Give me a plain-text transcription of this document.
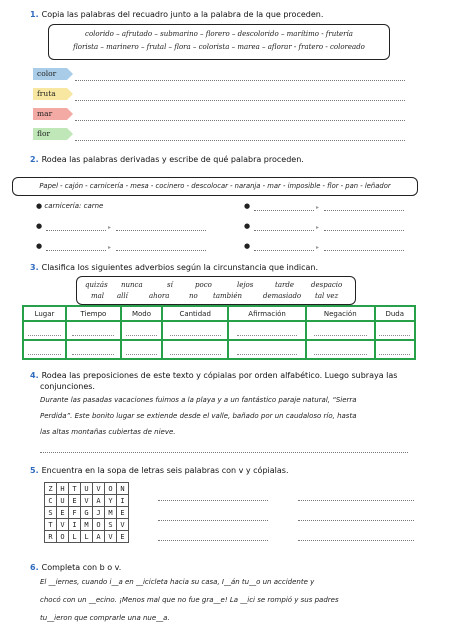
1. Copia las palabras del recuadro junto a la palabra de la que proceden.
colorido – afrutado – submarino – florero – descolorido – marítimo - frutería
florista – marinero – frutal – flora – colorista – marea – aflorar - fratero - coloreado
color
fruta
mar
flor
2. Rodea las palabras derivadas y escribe de qué palabra proceden.
Papel - cajón - carnicería - mesa - cocinero - descolocar - naranja - mar - imposible - flor - pan - leñador
● carnicería: carne	●	▸
●	▸	●	▸
●	▸	●	▸
3. Clasifica los siguientes adverbios según la circunstancia que indican.
quizás nunca	sí	poco	lejos	tarde despacio
mal allí	ahora	no también	demasiado tal vez
Lugar	Tiempo	Modo	Cantidad	Afirmación	Negación	Duda

4. Rodea las preposiciones de este texto y cópialas por orden alfabético. Luego subraya las
conjunciones.
Durante las pasadas vacaciones fuimos a la playa y a un fantástico paraje natural, “Sierra
Perdida”. Este bonito lugar se extiende desde el valle, bañado por un caudaloso río, hasta
las altas montañas cubiertas de nieve.
5. Encuentra en la sopa de letras seis palabras con v y cópialas.
Z	H	T	U	V	O	N
C	U	E	V	A	Y	I
S	E	F	G	J	M	E
T	V	I	M	O	S	V
R	O	L	L	A	V	E
6. Completa con b o v.
El __iernes, cuando i__a en __icicleta hacia su casa, I__án tu__o un accidente y
chocó con un __ecino. ¡Menos mal que no fue gra__e! La __ici se rompió y sus padres
tu__ieron que comprarle una nue__a.
